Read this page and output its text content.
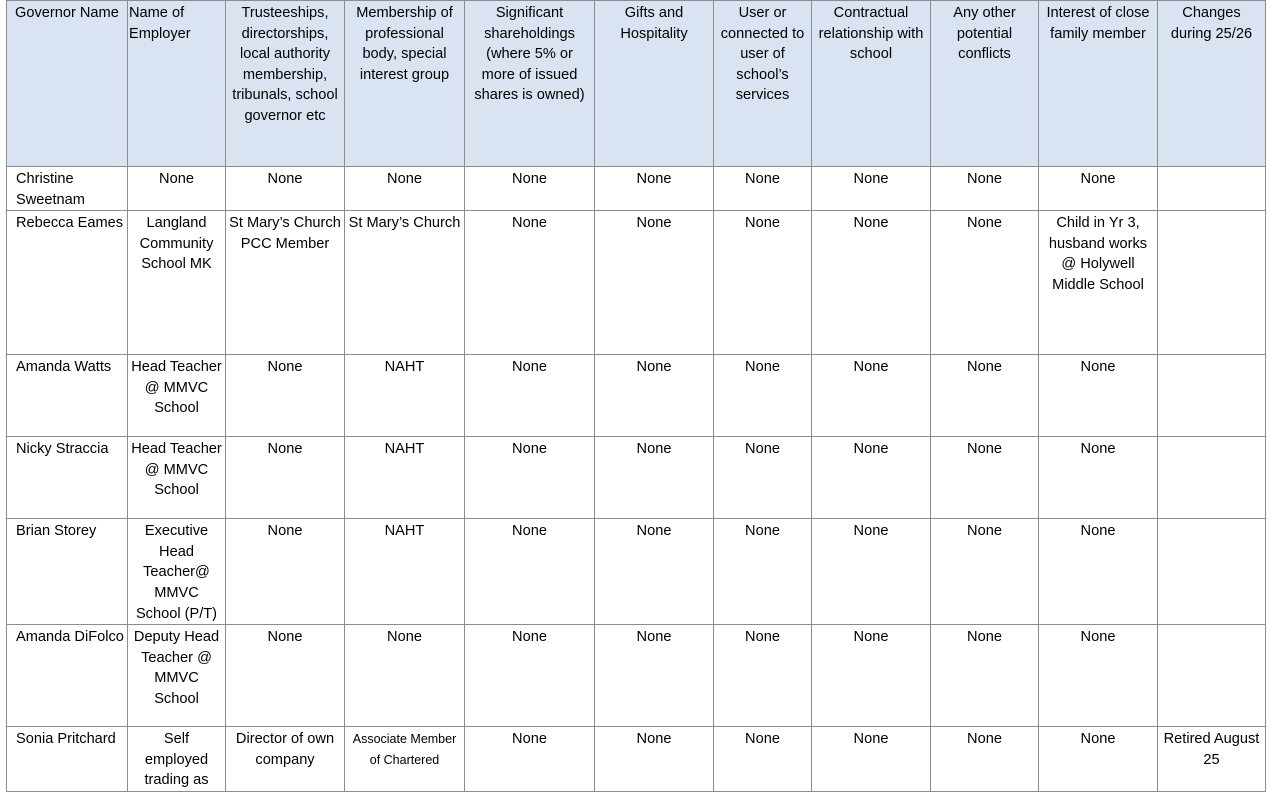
Governor Name	Name of Employer	Trusteeships, directorships, local authority membership, tribunals, school governor etc	Membership of professional body, special interest group	Significant shareholdings (where 5% or more of issued shares is owned)	Gifts and Hospitality	User or connected to user of school’s services	Contractual relationship with school	Any other potential conflicts	Interest of close family member	Changes during 25/26
Christine Sweetnam	None	None	None	None	None	None	None	None	None	
Rebecca Eames	Langland Community School MK	St Mary’s Church PCC Member	St Mary’s Church	None	None	None	None	None	Child in Yr 3, husband works @ Holywell Middle School	
Amanda Watts	Head Teacher @ MMVC School	None	NAHT	None	None	None	None	None	None	
Nicky Straccia	Head Teacher @ MMVC School	None	NAHT	None	None	None	None	None	None	
Brian Storey	Executive Head Teacher@ MMVC School (P/T)	None	NAHT	None	None	None	None	None	None	
Amanda DiFolco	Deputy Head Teacher @ MMVC School	None	None	None	None	None	None	None	None	
Sonia Pritchard	Self employed trading as	Director of own company	Associate Member of Chartered	None	None	None	None	None	None	Retired August 25
